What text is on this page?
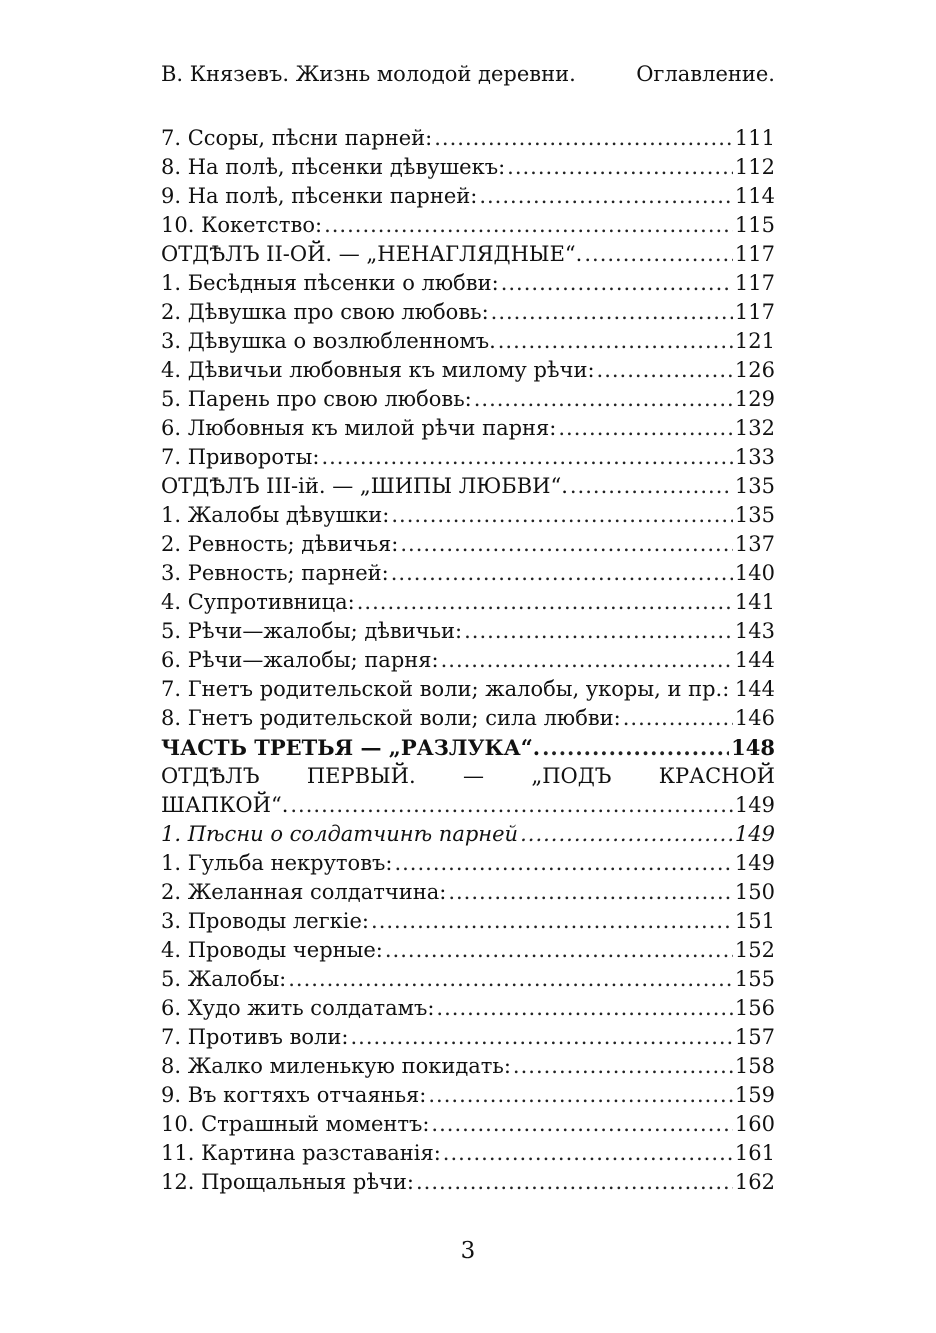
В. Князевъ. Жизнь молодой деревни.	Оглавление.
7. Ссоры, пѣсни парней: .....	111
8. На полѣ, пѣсенки дѣвушекъ: .....	112
9. На полѣ, пѣсенки парней: .....	114
10. Кокетство: .....	115
ОТДѢЛЪ II-ОЙ. — „НЕНАГЛЯДНЫЕ“. .....	117
1. Бесѣдныя пѣсенки о любви: .....	117
2. Дѣвушка про свою любовь: .....	117
3. Дѣвушка о возлюбленномъ. .....	121
4. Дѣвичьи любовныя къ милому рѣчи: .....	126
5. Парень про свою любовь: .....	129
6. Любовныя къ милой рѣчи парня: .....	132
7. Привороты: .....	133
ОТДѢЛЪ III-iй. — „ШИПЫ ЛЮБВИ“. .....	135
1. Жалобы дѣвушки: .....	135
2. Ревность; дѣвичья: .....	137
3. Ревность; парней: .....	140
4. Супротивница: .....	141
5. Рѣчи—жалобы; дѣвичьи: .....	143
6. Рѣчи—жалобы; парня: .....	144
7. Гнетъ родительской воли; жалобы, укоры, и пр.: ..... 144
8. Гнетъ родительской воли; сила любви: .....	146
ЧАСТЬ ТРЕТЬЯ — „РАЗЛУКА“. .....	148
ОТДѢЛЪ ПЕРВЫЙ. — „ПОДЪ КРАСНОЙ
ШАПКОЙ“. .....	149
1. Пѣсни о солдатчинѣ парней .....	149
1. Гульба некрутовъ: .....	149
2. Желанная солдатчина: .....	150
3. Проводы легкiе: .....	151
4. Проводы черные: .....	152
5. Жалобы: .....	155
6. Худо жить солдатамъ: .....	156
7. Противъ воли: .....	157
8. Жалко миленькую покидать: .....	158
9. Въ когтяхъ отчаянья: .....	159
10. Страшный моментъ: .....	160
11. Картина разставанiя: .....	161
12. Прощальныя рѣчи: .....	162
3
